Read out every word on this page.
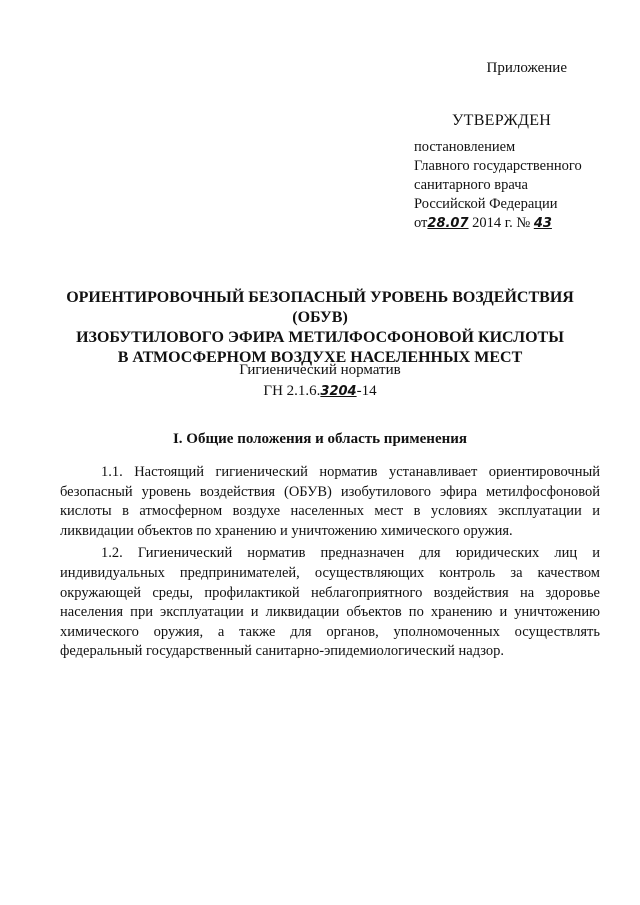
Приложение
УТВЕРЖДЕН
постановлением
Главного государственного
санитарного врача
Российской Федерации
от28.07 2014 г. № 43
ОРИЕНТИРОВОЧНЫЙ БЕЗОПАСНЫЙ УРОВЕНЬ ВОЗДЕЙСТВИЯ (ОБУВ)
ИЗОБУТИЛОВОГО ЭФИРА МЕТИЛФОСФОНОВОЙ КИСЛОТЫ
В АТМОСФЕРНОМ ВОЗДУХЕ НАСЕЛЕННЫХ МЕСТ
Гигиенический норматив
ГН 2.1.6.3204-14
I. Общие положения и область применения

1.1. Настоящий гигиенический норматив устанавливает ориентировочный безопасный уровень воздействия (ОБУВ) изобутилового эфира метилфосфоновой кислоты в атмосферном воздухе населенных мест в условиях эксплуатации и ликвидации объектов по хранению и уничтожению химического оружия.

1.2. Гигиенический норматив предназначен для юридических лиц и индивидуальных предпринимателей, осуществляющих контроль за качеством окружающей среды, профилактикой неблагоприятного воздействия на здоровье населения при эксплуатации и ликвидации объектов по хранению и уничтожению химического оружия, а также для органов, уполномоченных осуществлять федеральный государственный санитарно-эпидемиологический надзор.
